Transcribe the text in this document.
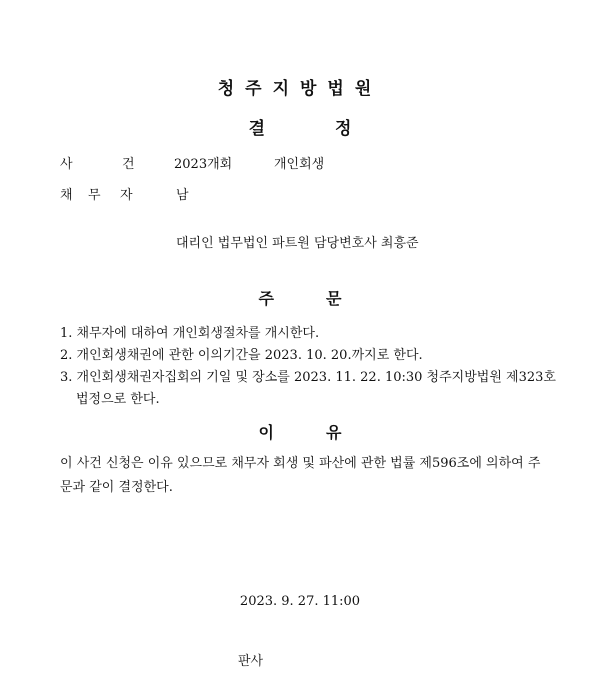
청주지방법원
결	정
사	건	2023개회	개인회생
채 무 자	남
대리인 법무법인 파트원 담당변호사 최흥준
주	문
1. 채무자에 대하여 개인회생절차를 개시한다.
2. 개인회생채권에 관한 이의기간을 2023. 10. 20.까지로 한다.
3. 개인회생채권자집회의 기일 및 장소를 2023. 11. 22. 10:30 청주지방법원 제323호
법정으로 한다.
이	유
이 사건 신청은 이유 있으므로 채무자 회생 및 파산에 관한 법률 제596조에 의하여 주문과 같이 결정한다.
2023. 9. 27. 11:00
판사
